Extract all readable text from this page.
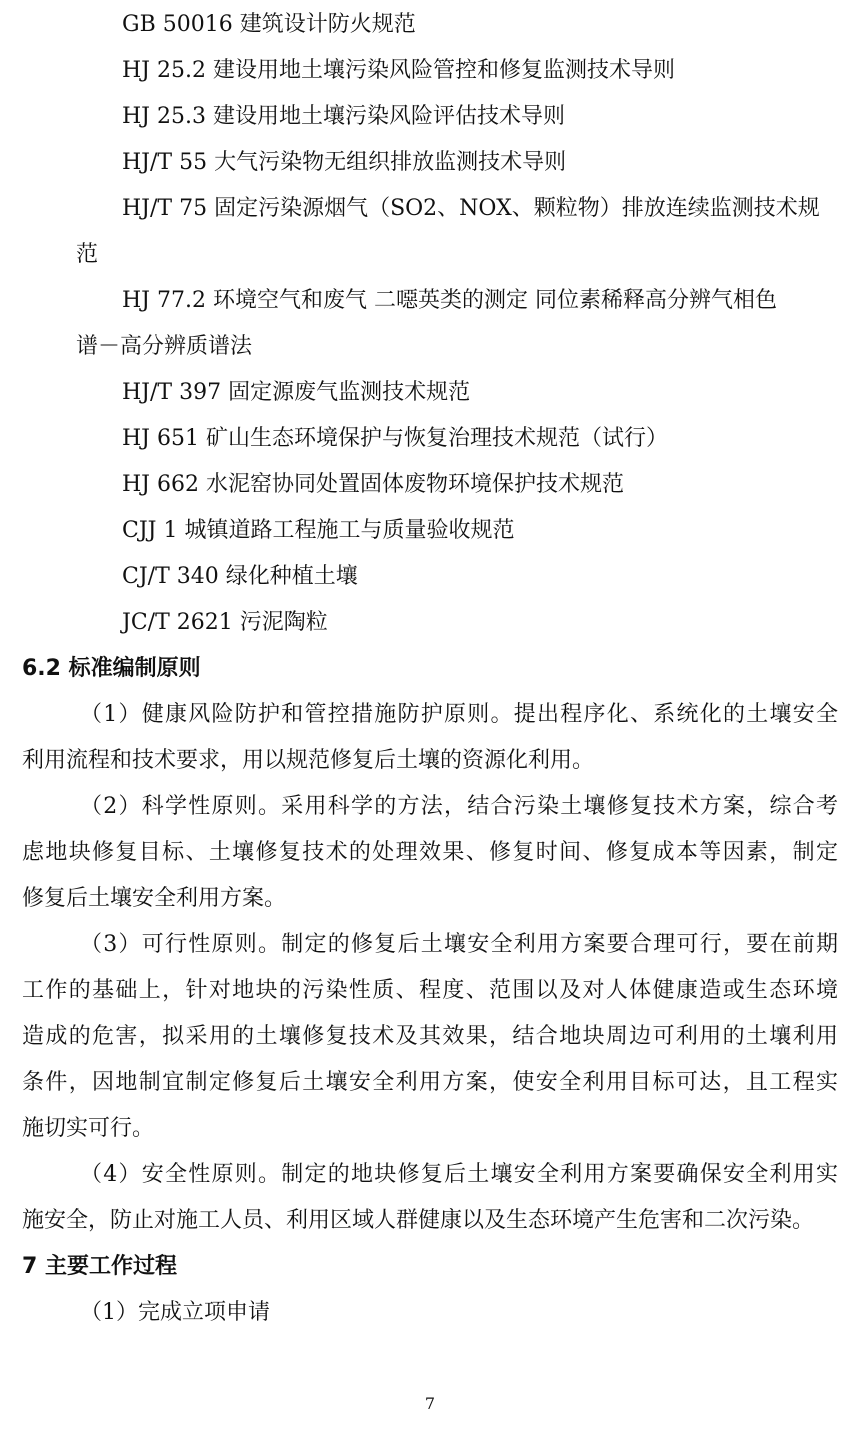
GB 50016 建筑设计防火规范
HJ 25.2 建设用地土壤污染风险管控和修复监测技术导则
HJ 25.3 建设用地土壤污染风险评估技术导则
HJ/T 55 大气污染物无组织排放监测技术导则
HJ/T 75 固定污染源烟气（SO2、NOX、颗粒物）排放连续监测技术规
范
HJ 77.2 环境空气和废气 二噁英类的测定 同位素稀释高分辨气相色
谱－高分辨质谱法
HJ/T 397 固定源废气监测技术规范
HJ 651 矿山生态环境保护与恢复治理技术规范（试行）
HJ 662 水泥窑协同处置固体废物环境保护技术规范
CJJ 1 城镇道路工程施工与质量验收规范
CJ/T 340 绿化种植土壤
JC/T 2621 污泥陶粒
6.2 标准编制原则
（1）健康风险防护和管控措施防护原则。提出程序化、系统化的土壤安全
利用流程和技术要求，用以规范修复后土壤的资源化利用。
（2）科学性原则。采用科学的方法，结合污染土壤修复技术方案，综合考
虑地块修复目标、土壤修复技术的处理效果、修复时间、修复成本等因素，制定
修复后土壤安全利用方案。
（3）可行性原则。制定的修复后土壤安全利用方案要合理可行，要在前期
工作的基础上，针对地块的污染性质、程度、范围以及对人体健康造或生态环境
造成的危害，拟采用的土壤修复技术及其效果，结合地块周边可利用的土壤利用
条件，因地制宜制定修复后土壤安全利用方案，使安全利用目标可达，且工程实
施切实可行。
（4）安全性原则。制定的地块修复后土壤安全利用方案要确保安全利用实
施安全，防止对施工人员、利用区域人群健康以及生态环境产生危害和二次污染。
7 主要工作过程
（1）完成立项申请
7
